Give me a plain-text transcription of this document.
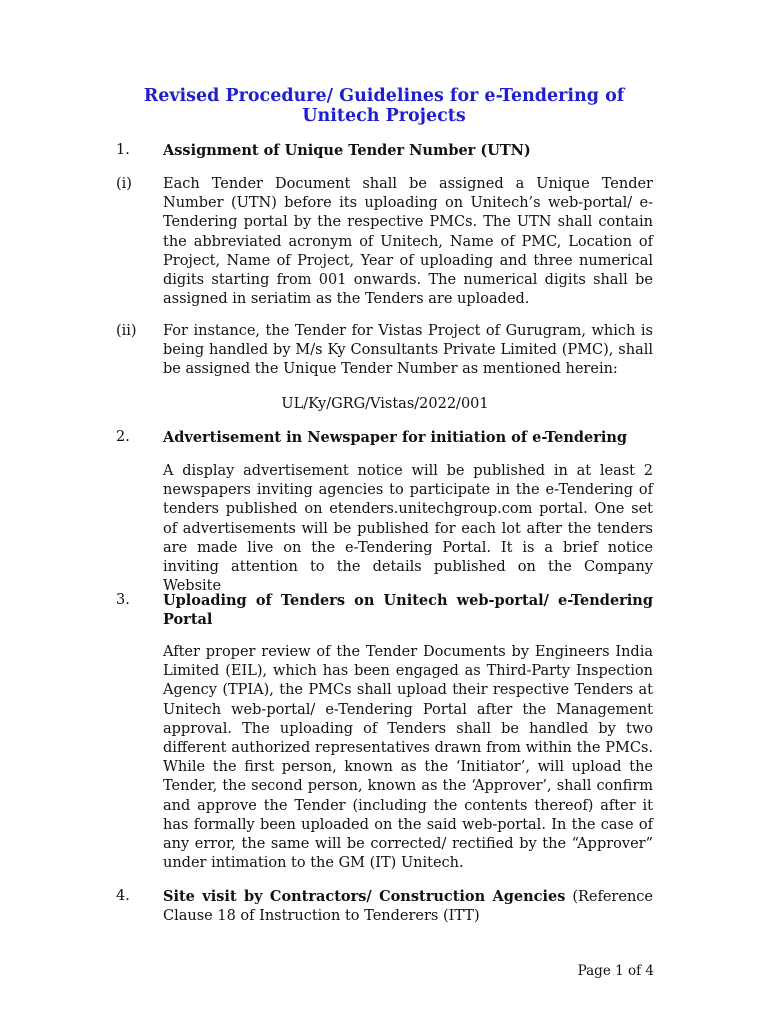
Revised Procedure/ Guidelines for e-Tendering of
Unitech Projects
1. Assignment of Unique Tender Number (UTN)
(i) Each Tender Document shall be assigned a Unique Tender Number (UTN) before its uploading on Unitech’s web-portal/ e-Tendering portal by the respective PMCs. The UTN shall contain the abbreviated acronym of Unitech, Name of PMC, Location of Project, Name of Project, Year of uploading and three numerical digits starting from 001 onwards. The numerical digits shall be assigned in seriatim as the Tenders are uploaded.
(ii) For instance, the Tender for Vistas Project of Gurugram, which is being handled by M/s Ky Consultants Private Limited (PMC), shall be assigned the Unique Tender Number as mentioned herein:
UL/Ky/GRG/Vistas/2022/001
2. Advertisement in Newspaper for initiation of e-Tendering
A display advertisement notice will be published in at least 2 newspapers inviting agencies to participate in the e-Tendering of tenders published on etenders.unitechgroup.com portal. One set of advertisements will be published for each lot after the tenders are made live on the e-Tendering Portal. It is a brief notice inviting attention to the details published on the Company Website
3. Uploading of Tenders on Unitech web-portal/ e-Tendering Portal
After proper review of the Tender Documents by Engineers India Limited (EIL), which has been engaged as Third-Party Inspection Agency (TPIA), the PMCs shall upload their respective Tenders at Unitech web-portal/ e-Tendering Portal after the Management approval. The uploading of Tenders shall be handled by two different authorized representatives drawn from within the PMCs. While the first person, known as the ‘Initiator’, will upload the Tender, the second person, known as the ‘Approver’, shall confirm and approve the Tender (including the contents thereof) after it has formally been uploaded on the said web-portal. In the case of any error, the same will be corrected/ rectified by the “Approver” under intimation to the GM (IT) Unitech.
4. Site visit by Contractors/ Construction Agencies (Reference Clause 18 of Instruction to Tenderers (ITT)
Page 1 of 4
